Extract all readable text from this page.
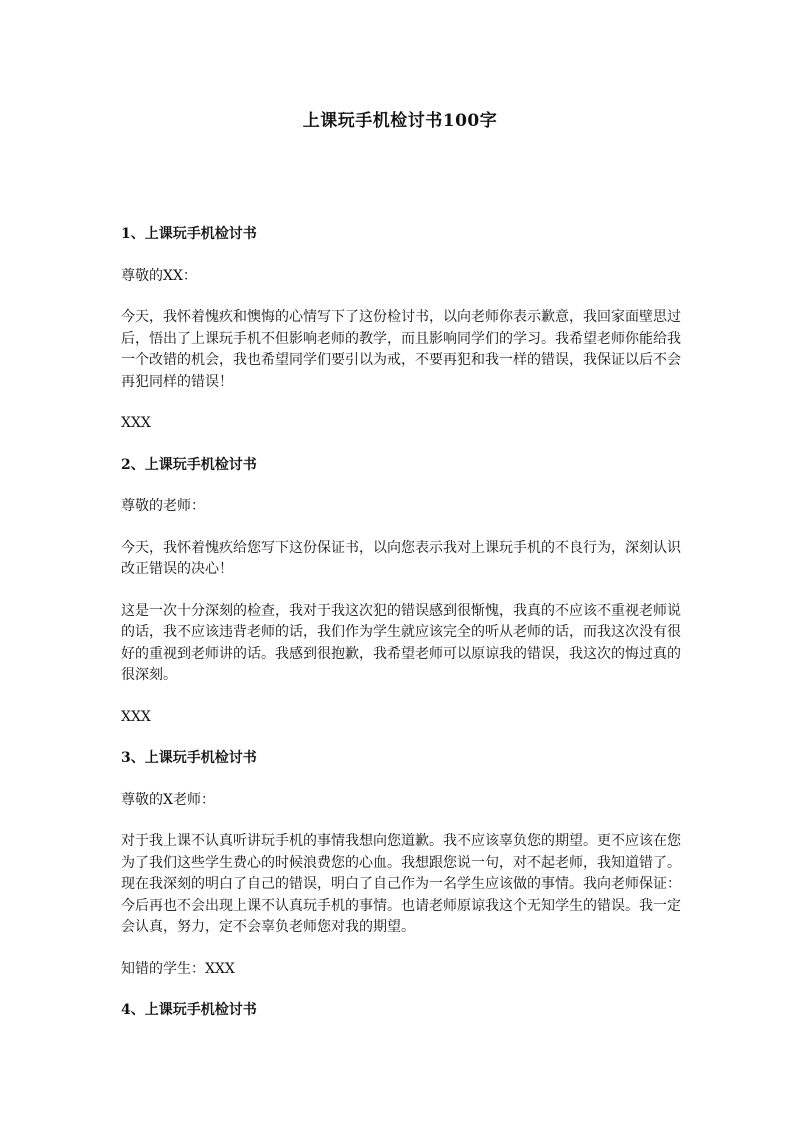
上课玩手机检讨书100字

1、上课玩手机检讨书

尊敬的XX：

今天，我怀着愧疚和懊悔的心情写下了这份检讨书，以向老师你表示歉意，我回家面壁思过后，悟出了上课玩手机不但影响老师的教学，而且影响同学们的学习。我希望老师你能给我一个改错的机会，我也希望同学们要引以为戒，不要再犯和我一样的错误，我保证以后不会再犯同样的错误！

XXX

2、上课玩手机检讨书

尊敬的老师：

今天，我怀着愧疚给您写下这份保证书，以向您表示我对上课玩手机的不良行为，深刻认识改正错误的决心！

这是一次十分深刻的检查，我对于我这次犯的错误感到很惭愧，我真的不应该不重视老师说的话，我不应该违背老师的话，我们作为学生就应该完全的听从老师的话，而我这次没有很好的重视到老师讲的话。我感到很抱歉，我希望老师可以原谅我的错误，我这次的悔过真的很深刻。

XXX

3、上课玩手机检讨书

尊敬的X老师：

对于我上课不认真听讲玩手机的事情我想向您道歉。我不应该辜负您的期望。更不应该在您为了我们这些学生费心的时候浪费您的心血。我想跟您说一句，对不起老师，我知道错了。现在我深刻的明白了自己的错误，明白了自己作为一名学生应该做的事情。我向老师保证：今后再也不会出现上课不认真玩手机的事情。也请老师原谅我这个无知学生的错误。我一定会认真，努力，定不会辜负老师您对我的期望。

知错的学生：XXX

4、上课玩手机检讨书
